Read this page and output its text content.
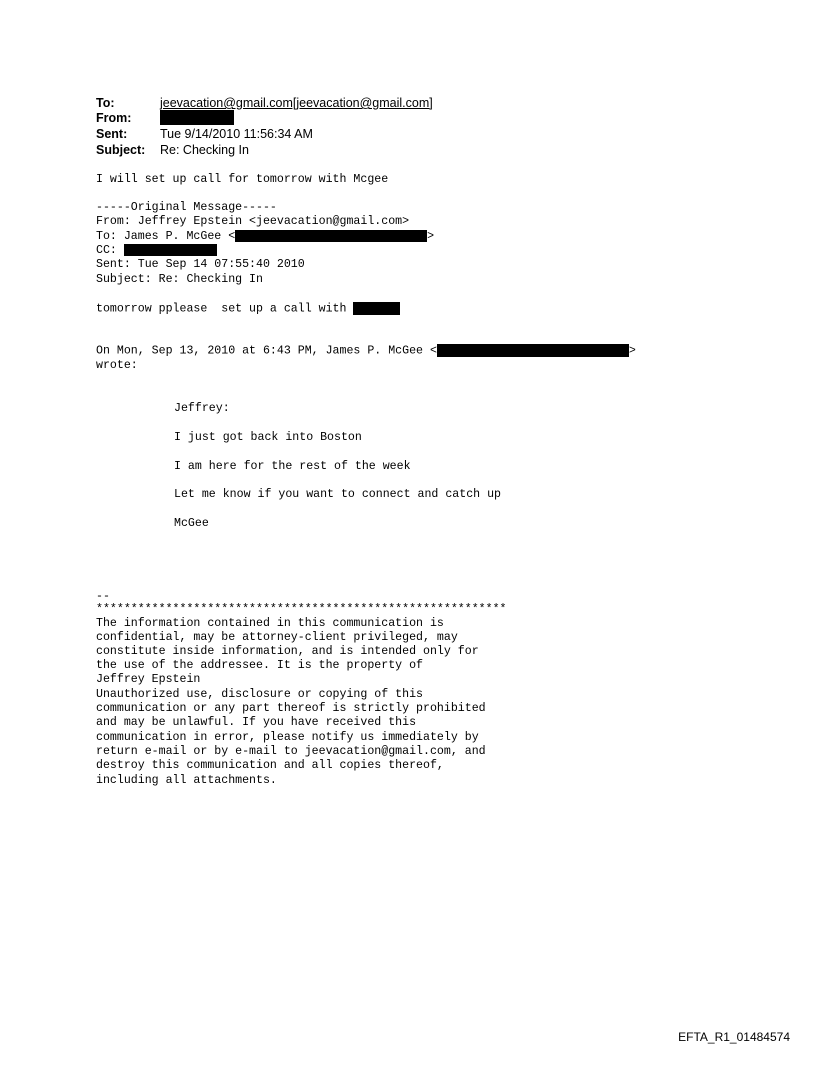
To:	jeevacation@gmail.com[jeevacation@gmail.com]
From:
Sent:	Tue 9/14/2010 11:56:34 AM
Subject: Re: Checking In
I will set up call for tomorrow with Mcgee
-----Original Message-----
From: Jeffrey Epstein <jeevacation@gmail.com>
To: James P. McGee <	>
CC:
Sent: Tue Sep 14 07:55:40 2010
Subject: Re: Checking In
tomorrow pplease  set up a call with
On Mon, Sep 13, 2010 at 6:43 PM, James P. McGee <	>
wrote:
Jeffrey:
I just got back into Boston
I am here for the rest of the week
Let me know if you want to connect and catch up
McGee
--
***********************************************************
The information contained in this communication is
confidential, may be attorney-client privileged, may
constitute inside information, and is intended only for
the use of the addressee. It is the property of
Jeffrey Epstein
Unauthorized use, disclosure or copying of this
communication or any part thereof is strictly prohibited
and may be unlawful. If you have received this
communication in error, please notify us immediately by
return e-mail or by e-mail to jeevacation@gmail.com, and
destroy this communication and all copies thereof,
including all attachments.
EFTA_R1_01484574
